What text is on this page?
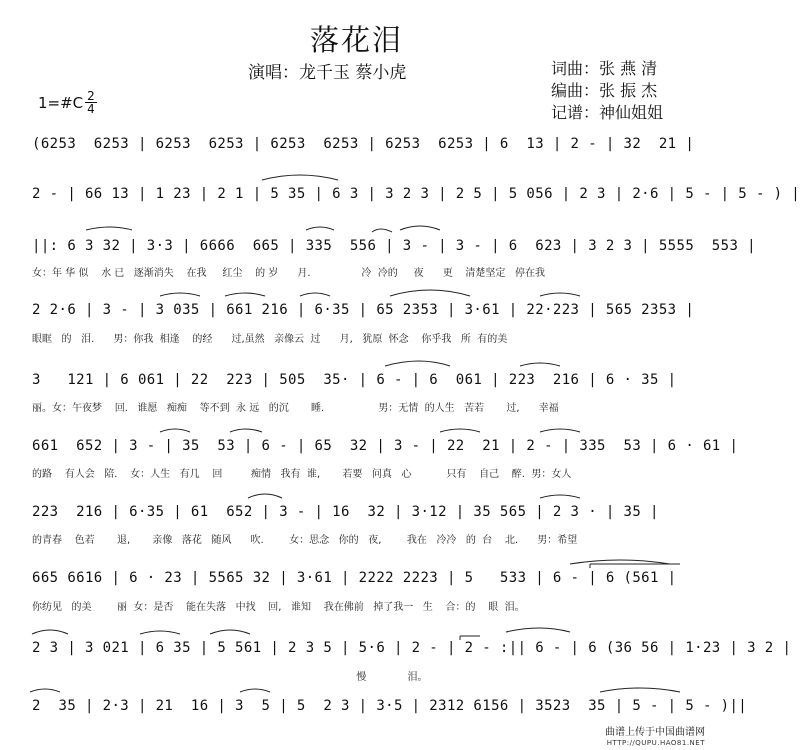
落花泪
演唱：龙千玉 蔡小虎	词曲：张 燕 清
编曲：张 振 杰
记谱：神仙姐姐
1=#C 2
4
(6253  6253 | 6253  6253 | 6253  6253 | 6253  6253 | 6  13 | 2 - | 32  21 |
2 - | 66 13 | 1 23 | 2 1 | 5 35 | 6 3 | 3 2 3 | 2 5 | 5 056 | 2 3 | 2·6 | 5 - | 5 - ) |
||: 6 3 32 | 3·3 | 6666  665 | 335  556 | 3 - | 3 - | 6  623 | 3 2 3 | 5555  553 |
女：年 华 似    水 已   逐渐消失    在我     红尘    的 岁      月.                冷  冷的     夜      更    清楚坚定   停在我
2 2·6 | 3 - | 3 035 | 661 216 | 6·35 | 65 2353 | 3·61 | 22·223 | 565 2353 |
眼眶   的   泪.      男：你我  相逢    的经      过,虽然   亲像云  过      月,   犹原  怀念    你乎我   所  有的美
3   121 | 6 061 | 22  223 | 505  35· | 6 - | 6  061 | 223  216 | 6 · 35 |
丽。女：午夜梦    回.   谁愿   痴痴    等不到  永 远   的沉       睡.                 男：无情  的人生   苦若       过,      幸福
661  652 | 3 - | 35  53 | 6 - | 65  32 | 3 - | 22  21 | 2 - | 335  53 | 6 · 61 |
的路    有人会   陪.    女：人生   有几    回         痴情   我有  谁,       若要   问真   心           只有    自己    醉.  男：女人
223  216 | 6·35 | 61  652 | 3 - | 16  32 | 3·12 | 35 565 | 2 3 · | 35 |
的青春    色若       退,       亲像   落花   随风      吹.        女：思念   你的   夜,        我在   冷冷   的  台    北.      男：希望
665 6616 | 6 · 23 | 5565 32 | 3·61 | 2222 2223 | 5   533 | 6 - | 6 (561 |
你纺见   的美        丽  女：是否    能在失落   中找    回,   谁知    我在佛前   掉了我一   生    合：的    眼  泪。
2 3 | 3 021 | 6 35 | 5 561 | 2 3 5 | 5·6 | 2 - | 2 - :|| 6 - | 6 (36 56 | 1·23 | 3 2 |
慢             泪。
2  35 | 2·3 | 21  16 | 3  5 | 5  2 3 | 3·5 | 2312 6156 | 3523  35 | 5 - | 5 - )||
曲谱上传于中国曲谱网
HTTP://QUPU.HAO81.NET
